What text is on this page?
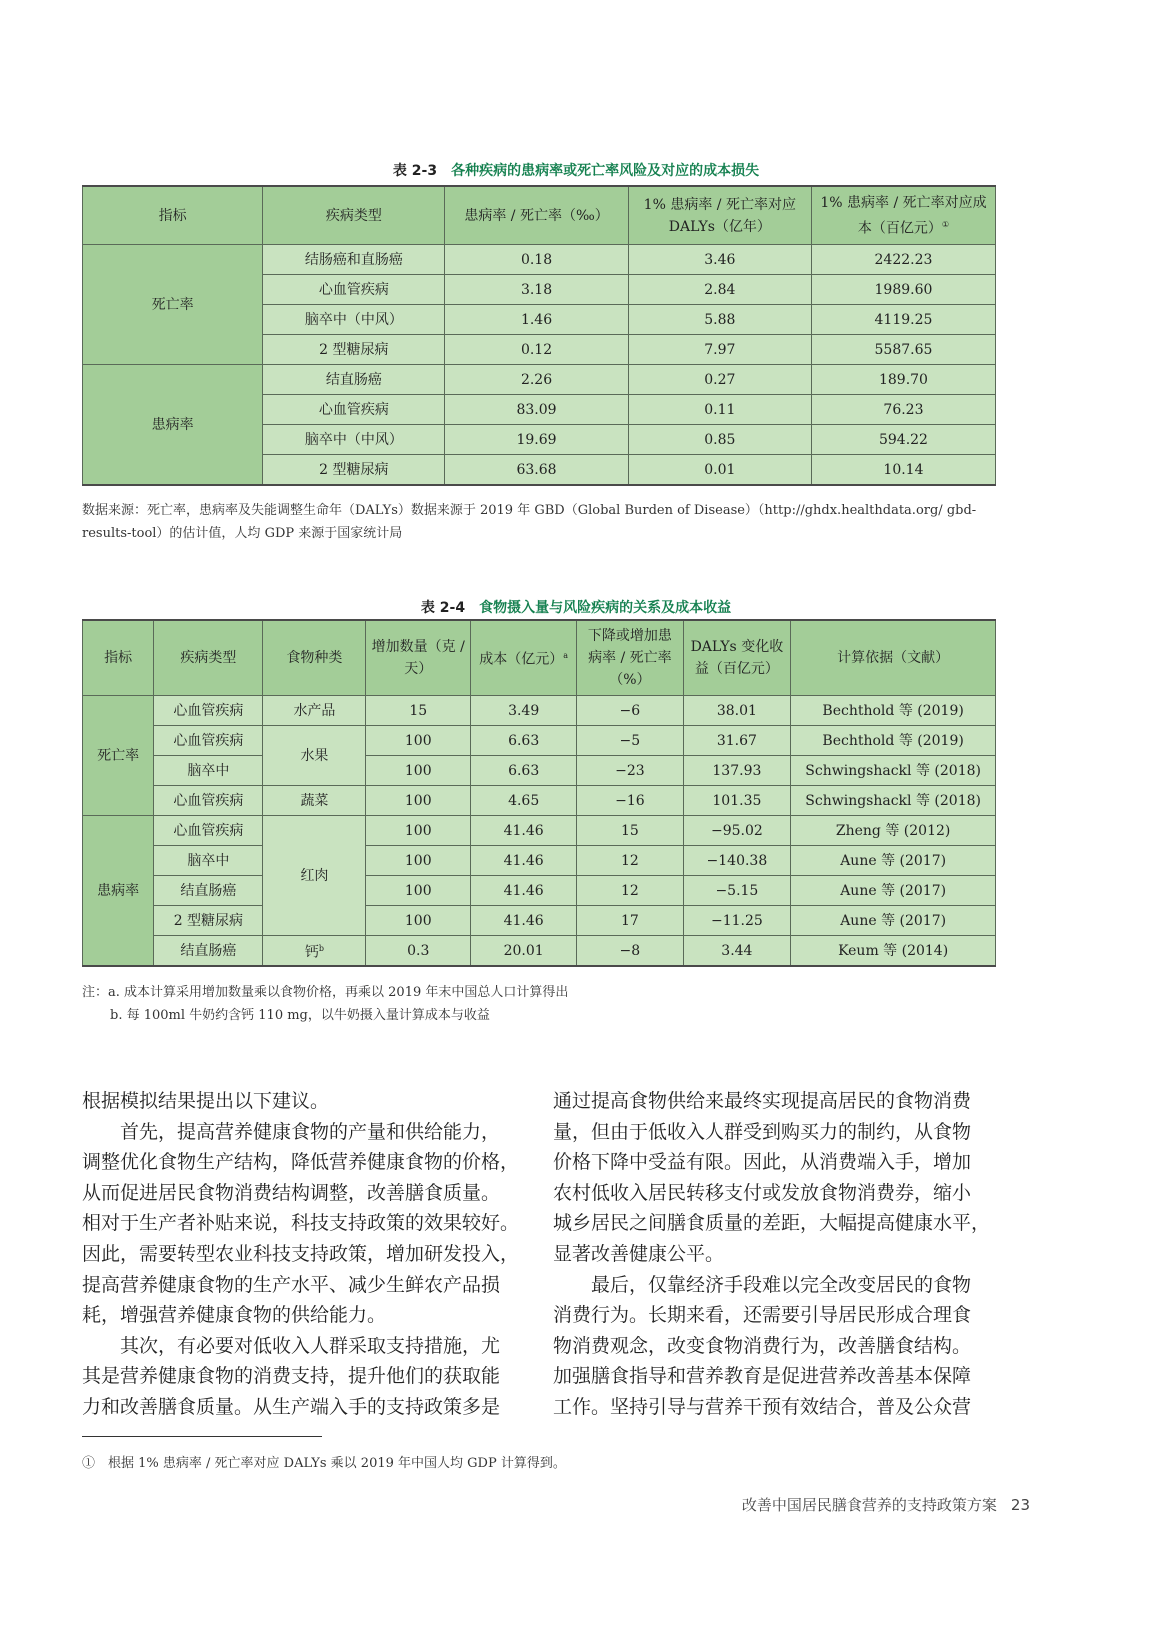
表 2-3 各种疾病的患病率或死亡率风险及对应的成本损失
指标	疾病类型	患病率 / 死亡率（‰）	1% 患病率 / 死亡率对应 DALYs（亿年）	1% 患病率 / 死亡率对应成本（百亿元）①
死亡率	结肠癌和直肠癌	0.18	3.46	2422.23
	心血管疾病	3.18	2.84	1989.60
	脑卒中（中风）	1.46	5.88	4119.25
	2 型糖尿病	0.12	7.97	5587.65
患病率	结直肠癌	2.26	0.27	189.70
	心血管疾病	83.09	0.11	76.23
	脑卒中（中风）	19.69	0.85	594.22
	2 型糖尿病	63.68	0.01	10.14
数据来源：死亡率，患病率及失能调整生命年（DALYs）数据来源于 2019 年 GBD（Global Burden of Disease）（http://ghdx.healthdata.org/ gbd-results-tool）的估计值，人均 GDP 来源于国家统计局
表 2-4 食物摄入量与风险疾病的关系及成本收益
指标	疾病类型	食物种类	增加数量（克 / 天）	成本（亿元）$^a$	下降或增加患病率 / 死亡率（%）	DALYs 变化收益（百亿元）	计算依据（文献）
死亡率	心血管疾病	水产品	15	3.49	−6	38.01	Bechthold 等 (2019)
	心血管疾病	水果	100	6.63	−5	31.67	Bechthold 等 (2019)
	脑卒中		100	6.63	−23	137.93	Schwingshackl 等 (2018)
	心血管疾病	蔬菜	100	4.65	−16	101.35	Schwingshackl 等 (2018)
患病率	心血管疾病	红肉	100	41.46	15	−95.02	Zheng 等 (2012)
	脑卒中		100	41.46	12	−140.38	Aune 等 (2017)
	结直肠癌		100	41.46	12	−5.15	Aune 等 (2017)
	2 型糖尿病		100	41.46	17	−11.25	Aune 等 (2017)
	结直肠癌	钙$^b$	0.3	20.01	−8	3.44	Keum 等 (2014)
注：a. 成本计算采用增加数量乘以食物价格，再乘以 2019 年末中国总人口计算得出
b. 每 100ml 牛奶约含钙 110 mg，以牛奶摄入量计算成本与收益
根据模拟结果提出以下建议。
　　首先，提高营养健康食物的产量和供给能力，
调整优化食物生产结构，降低营养健康食物的价格，
从而促进居民食物消费结构调整，改善膳食质量。
相对于生产者补贴来说，科技支持政策的效果较好。
因此，需要转型农业科技支持政策，增加研发投入，
提高营养健康食物的生产水平、减少生鲜农产品损
耗，增强营养健康食物的供给能力。
　　其次，有必要对低收入人群采取支持措施，尤
其是营养健康食物的消费支持，提升他们的获取能
力和改善膳食质量。从生产端入手的支持政策多是
通过提高食物供给来最终实现提高居民的食物消费
量，但由于低收入人群受到购买力的制约，从食物
价格下降中受益有限。因此，从消费端入手，增加
农村低收入居民转移支付或发放食物消费券，缩小
城乡居民之间膳食质量的差距，大幅提高健康水平，
显著改善健康公平。
　　最后，仅靠经济手段难以完全改变居民的食物
消费行为。长期来看，还需要引导居民形成合理食
物消费观念，改变食物消费行为，改善膳食结构。
加强膳食指导和营养教育是促进营养改善基本保障
工作。坚持引导与营养干预有效结合，普及公众营
①　根据 1% 患病率 / 死亡率对应 DALYs 乘以 2019 年中国人均 GDP 计算得到。
改善中国居民膳食营养的支持政策方案 23
